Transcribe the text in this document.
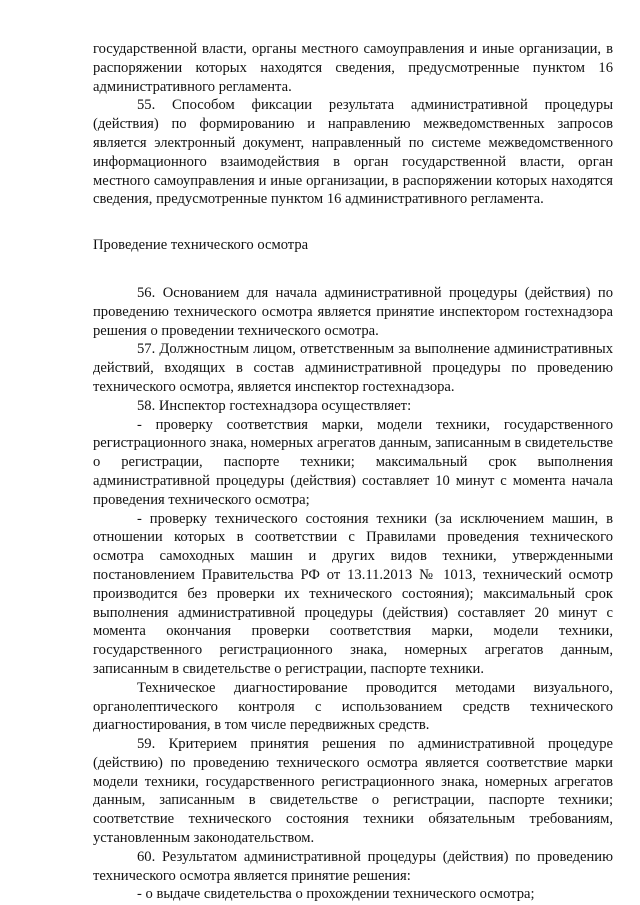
государственной власти, органы местного самоуправления и иные организации, в распоряжении которых находятся сведения, предусмотренные пунктом 16 административного регламента.

55. Способом фиксации результата административной процедуры (действия) по формированию и направлению межведомственных запросов является электронный документ, направленный по системе межведомственного информационного взаимодействия в орган государственной власти, орган местного самоуправления и иные организации, в распоряжении которых находятся сведения, предусмотренные пунктом 16 административного регламента.

Проведение технического осмотра

56. Основанием для начала административной процедуры (действия) по проведению технического осмотра является принятие инспектором гостехнадзора решения о проведении технического осмотра.

57. Должностным лицом, ответственным за выполнение административных действий, входящих в состав административной процедуры по проведению технического осмотра, является инспектор гостехнадзора.

58. Инспектор гостехнадзора осуществляет:

- проверку соответствия марки, модели техники, государственного регистрационного знака, номерных агрегатов данным, записанным в свидетельстве о регистрации, паспорте техники; максимальный срок выполнения административной процедуры (действия) составляет 10 минут с момента начала проведения технического осмотра;

- проверку технического состояния техники (за исключением машин, в отношении которых в соответствии с Правилами проведения технического осмотра самоходных машин и других видов техники, утвержденными постановлением Правительства РФ от 13.11.2013 № 1013, технический осмотр производится без проверки их технического состояния); максимальный срок выполнения административной процедуры (действия) составляет 20 минут с момента окончания проверки соответствия марки, модели техники, государственного регистрационного знака, номерных агрегатов данным, записанным в свидетельстве о регистрации, паспорте техники.

Техническое диагностирование проводится методами визуального, органолептического контроля с использованием средств технического диагностирования, в том числе передвижных средств.

59. Критерием принятия решения по административной процедуре (действию) по проведению технического осмотра является соответствие марки модели техники, государственного регистрационного знака, номерных агрегатов данным, записанным в свидетельстве о регистрации, паспорте техники; соответствие технического состояния техники обязательным требованиям, установленным законодательством.

60. Результатом административной процедуры (действия) по проведению технического осмотра является принятие решения:

- о выдаче свидетельства о прохождении технического осмотра;
